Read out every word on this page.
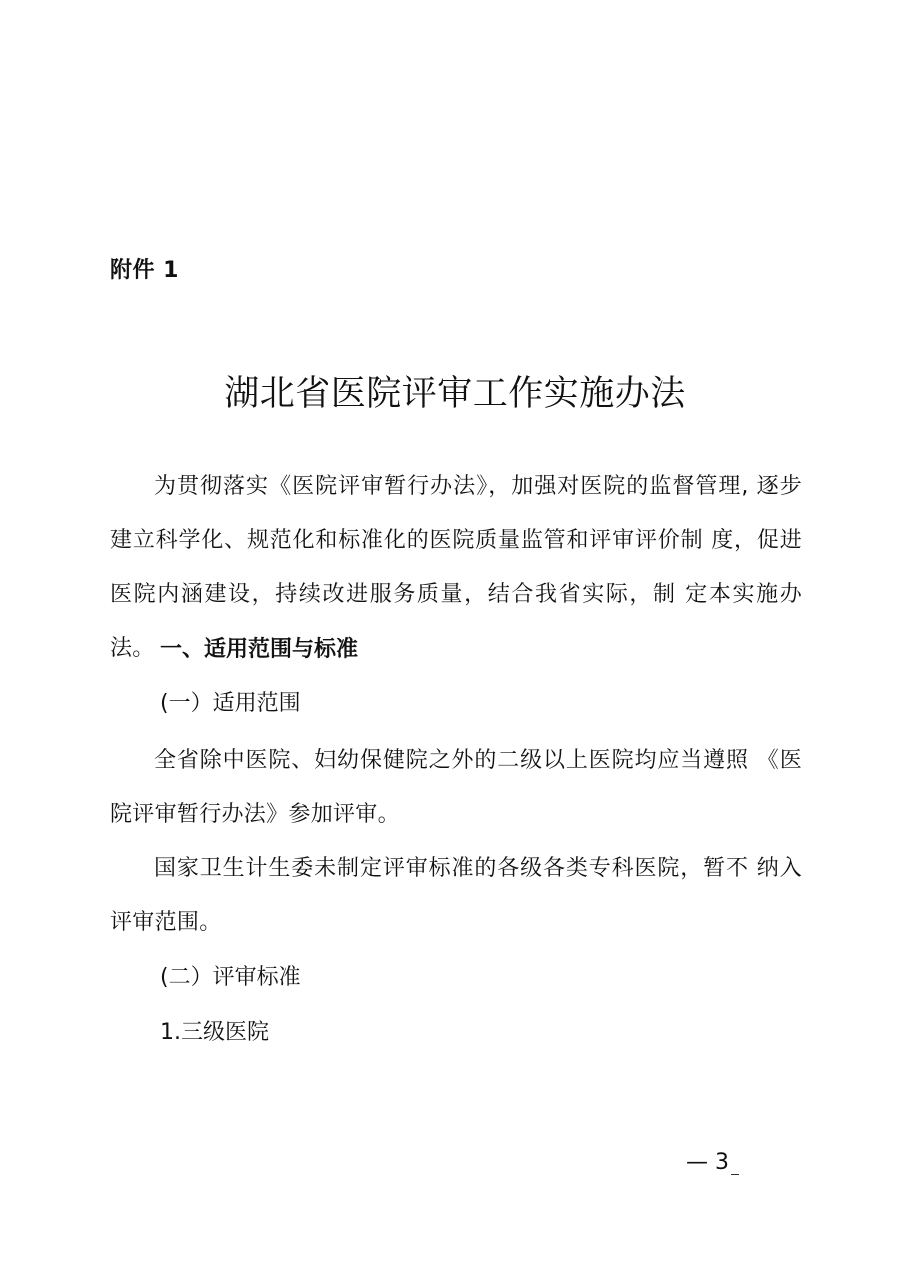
附件 1
湖北省医院评审工作实施办法

为贯彻落实《医院评审暂行办法》，加强对医院的监督管理, 逐步建立科学化、规范化和标准化的医院质量监管和评审评价制 度，促进医院内涵建设，持续改进服务质量，结合我省实际，制 定本实施办法。 一、适用范围与标准
(一）适用范围

全省除中医院、妇幼保健院之外的二级以上医院均应当遵照 《医院评审暂行办法》参加评审。

国家卫生计生委未制定评审标准的各级各类专科医院，暂不 纳入评审范围。

(二）评审标准
1.三级医院
— 3
